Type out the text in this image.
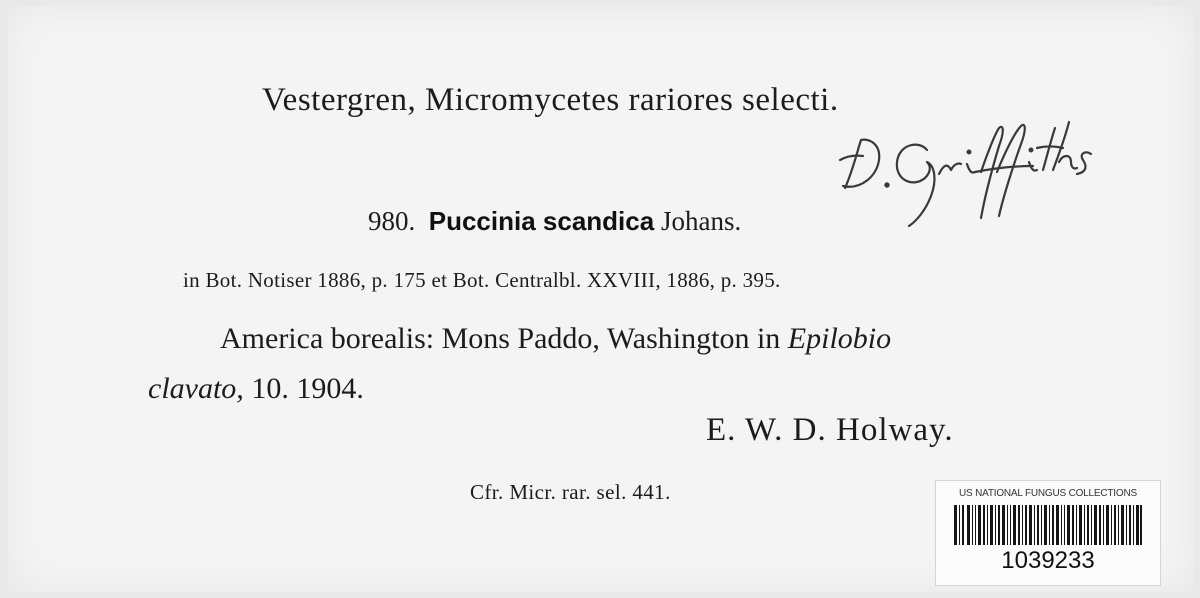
Vestergren, Micromycetes rariores selecti.
980. Puccinia scandica Johans.
in Bot. Notiser 1886, p. 175 et Bot. Centralbl. XXVIII, 1886, p. 395.
America borealis: Mons Paddo, Washington in Epilobio
clavato, 10. 1904.
E. W. D. Holway.
Cfr. Micr. rar. sel. 441.	US NATIONAL FUNGUS COLLECTIONS
1039233
